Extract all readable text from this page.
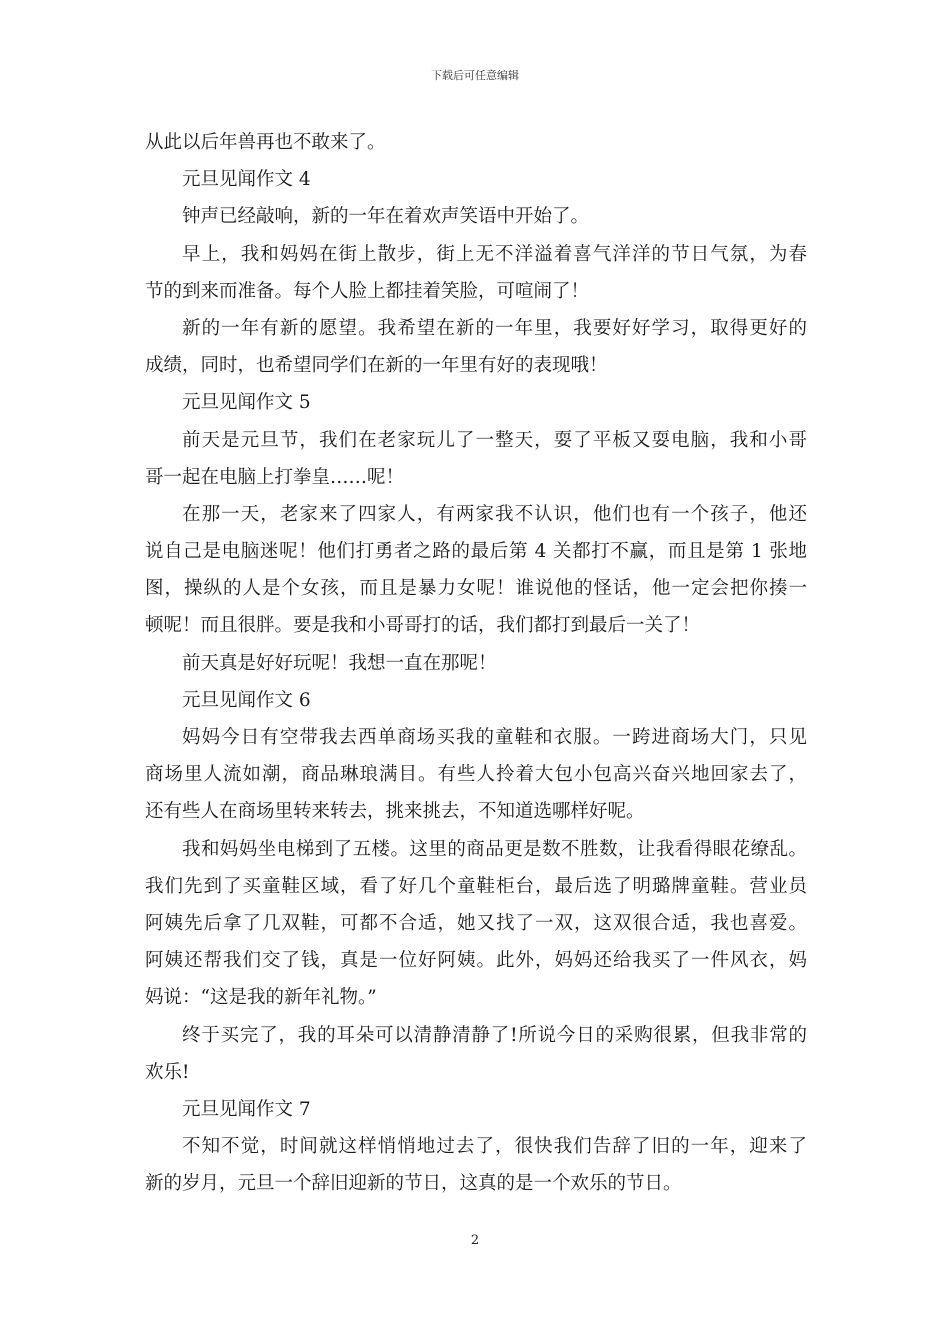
下载后可任意编辑
从此以后年兽再也不敢来了。
元旦见闻作文 4
钟声已经敲响，新的一年在着欢声笑语中开始了。
早上，我和妈妈在街上散步，街上无不洋溢着喜气洋洋的节日气氛，为春
节的到来而准备。每个人脸上都挂着笑脸，可喧闹了！
新的一年有新的愿望。我希望在新的一年里，我要好好学习，取得更好的
成绩，同时，也希望同学们在新的一年里有好的表现哦！
元旦见闻作文 5
前天是元旦节，我们在老家玩儿了一整天，耍了平板又耍电脑，我和小哥
哥一起在电脑上打拳皇……呢！
在那一天，老家来了四家人，有两家我不认识，他们也有一个孩子，他还
说自己是电脑迷呢！他们打勇者之路的最后第 4 关都打不赢，而且是第 1 张地
图，操纵的人是个女孩，而且是暴力女呢！谁说他的怪话，他一定会把你揍一
顿呢！而且很胖。要是我和小哥哥打的话，我们都打到最后一关了！
前天真是好好玩呢！我想一直在那呢！
元旦见闻作文 6
妈妈今日有空带我去西单商场买我的童鞋和衣服。一跨进商场大门，只见
商场里人流如潮，商品琳琅满目。有些人拎着大包小包高兴奋兴地回家去了，
还有些人在商场里转来转去，挑来挑去，不知道选哪样好呢。
我和妈妈坐电梯到了五楼。这里的商品更是数不胜数，让我看得眼花缭乱。
我们先到了买童鞋区域，看了好几个童鞋柜台，最后选了明璐牌童鞋。营业员
阿姨先后拿了几双鞋，可都不合适，她又找了一双，这双很合适，我也喜爱。
阿姨还帮我们交了钱，真是一位好阿姨。此外，妈妈还给我买了一件风衣，妈
妈说：“这是我的新年礼物。”
终于买完了，我的耳朵可以清静清静了!所说今日的采购很累，但我非常的
欢乐!
元旦见闻作文 7
不知不觉，时间就这样悄悄地过去了，很快我们告辞了旧的一年，迎来了
新的岁月，元旦一个辞旧迎新的节日，这真的是一个欢乐的节日。
2
